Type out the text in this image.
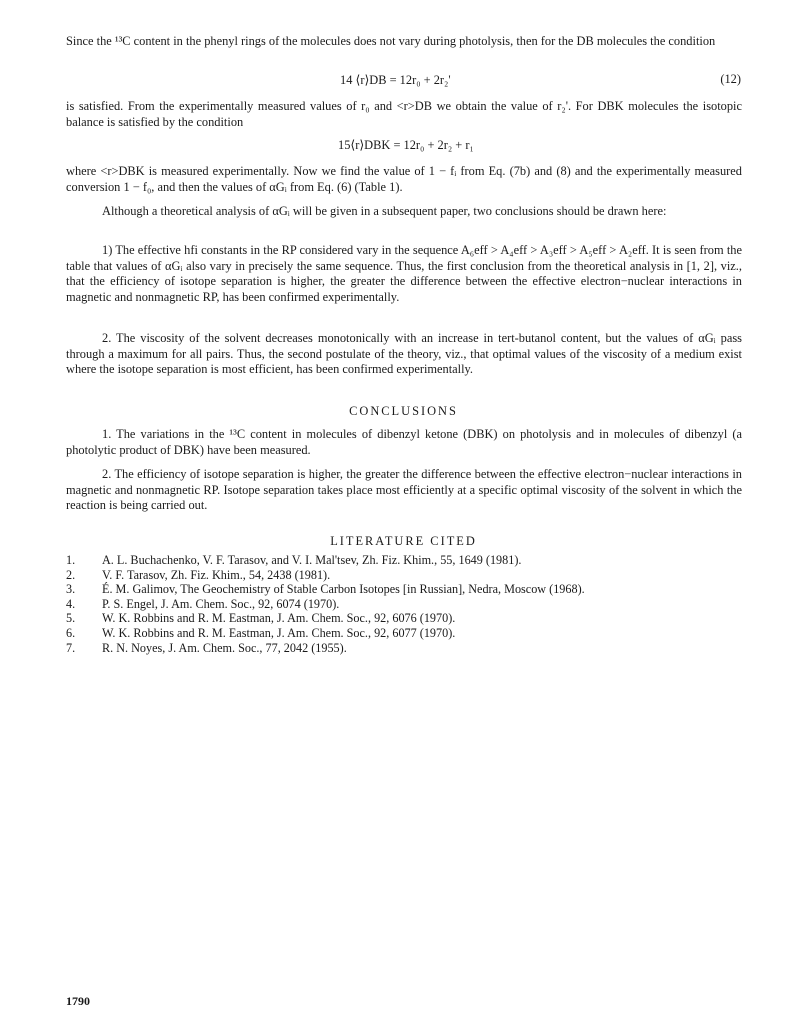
Since the ¹³C content in the phenyl rings of the molecules does not vary during photolysis, then for the DB molecules the condition
14 ⟨r⟩DB = 12r₀ + 2r₂'	(12)
is satisfied. From the experimentally measured values of r₀ and <r>DB we obtain the value of r₂'. For DBK molecules the isotopic balance is satisfied by the condition
15⟨r⟩DBK = 12r₀ + 2r₂ + r₁
where <r>DBK is measured experimentally. Now we find the value of 1 − fᵢ from Eq. (7b) and (8) and the experimentally measured conversion 1 − f₀, and then the values of αGᵢ from Eq. (6) (Table 1).
Although a theoretical analysis of αGᵢ will be given in a subsequent paper, two conclusions should be drawn here:
1) The effective hfi constants in the RP considered vary in the sequence A₆eff > A₄eff > A₃eff > A₅eff > A₂eff. It is seen from the table that values of αGᵢ also vary in precisely the same sequence. Thus, the first conclusion from the theoretical analysis in [1, 2], viz., that the efficiency of isotope separation is higher, the greater the difference between the effective electron−nuclear interactions in magnetic and nonmagnetic RP, has been confirmed experimentally.
2. The viscosity of the solvent decreases monotonically with an increase in tert-butanol content, but the values of αGᵢ pass through a maximum for all pairs. Thus, the second postulate of the theory, viz., that optimal values of the viscosity of a medium exist where the isotope separation is most efficient, has been confirmed experimentally.
CONCLUSIONS
1. The variations in the ¹³C content in molecules of dibenzyl ketone (DBK) on photolysis and in molecules of dibenzyl (a photolytic product of DBK) have been measured.
2. The efficiency of isotope separation is higher, the greater the difference between the effective electron−nuclear interactions in magnetic and nonmagnetic RP. Isotope separation takes place most efficiently at a specific optimal viscosity of the solvent in which the reaction is being carried out.
LITERATURE CITED
1.	A. L. Buchachenko, V. F. Tarasov, and V. I. Mal'tsev, Zh. Fiz. Khim., 55, 1649 (1981).
2.	V. F. Tarasov, Zh. Fiz. Khim., 54, 2438 (1981).
3.	É. M. Galimov, The Geochemistry of Stable Carbon Isotopes [in Russian], Nedra, Moscow (1968).
4.	P. S. Engel, J. Am. Chem. Soc., 92, 6074 (1970).
5.	W. K. Robbins and R. M. Eastman, J. Am. Chem. Soc., 92, 6076 (1970).
6.	W. K. Robbins and R. M. Eastman, J. Am. Chem. Soc., 92, 6077 (1970).
7.	R. N. Noyes, J. Am. Chem. Soc., 77, 2042 (1955).
1790
